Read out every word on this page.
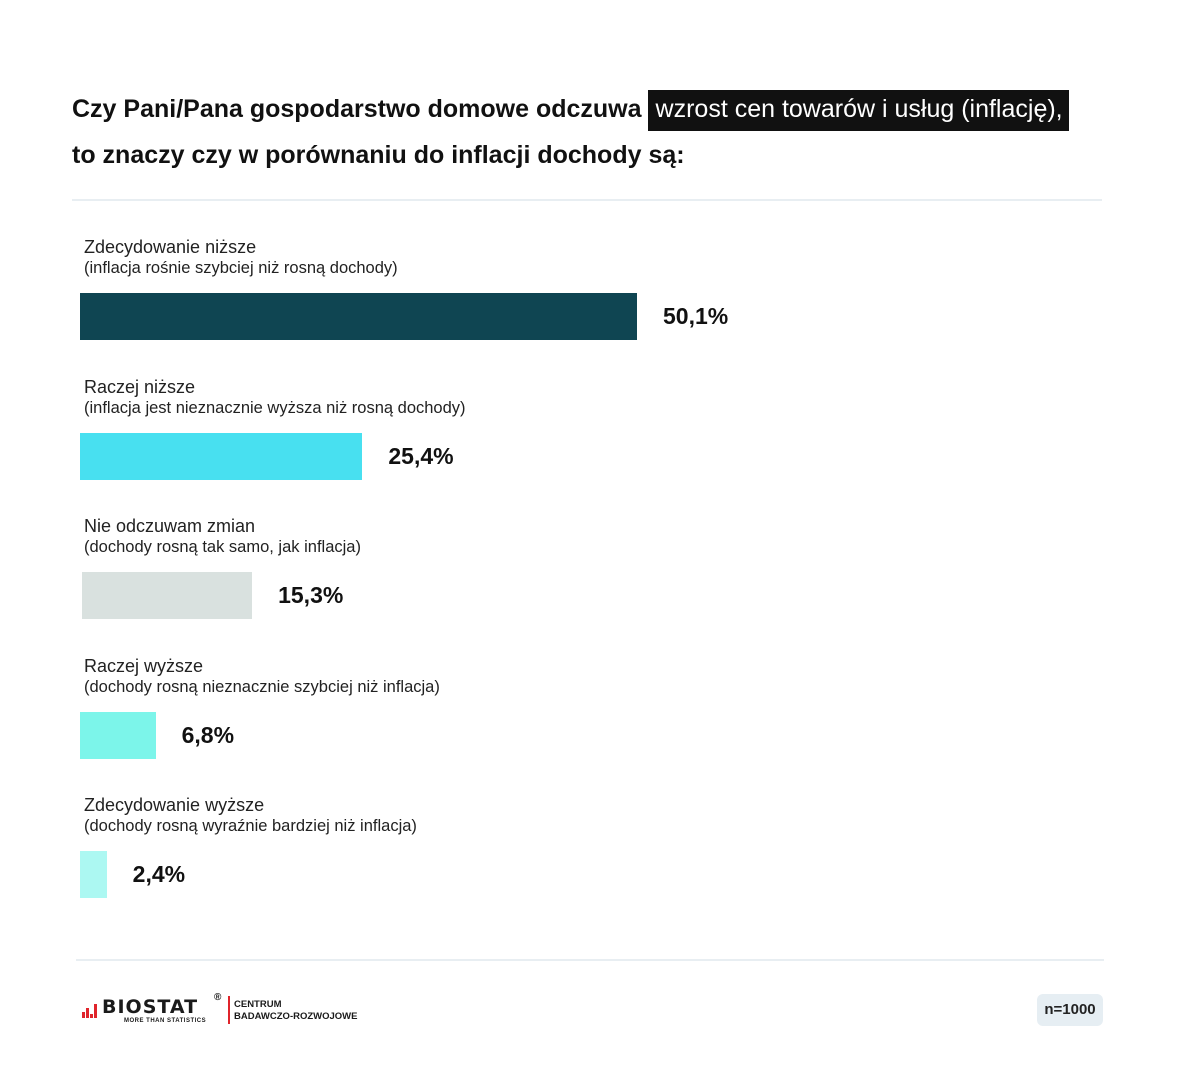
Czy Pani/Pana gospodarstwo domowe odczuwa wzrost cen towarów i usług (inflację),
to znaczy czy w porównaniu do inflacji dochody są:
Zdecydowanie niższe
(inflacja rośnie szybciej niż rosną dochody)
50,1%
Raczej niższe
(inflacja jest nieznacznie wyższa niż rosną dochody)
25,4%
Nie odczuwam zmian
(dochody rosną tak samo, jak inflacja)
15,3%
Raczej wyższe
(dochody rosną nieznacznie szybciej niż inflacja)
6,8%
Zdecydowanie wyższe
(dochody rosną wyraźnie bardziej niż inflacja)
2,4%
BIOSTAT ®
MORE THAN STATISTICS
CENTRUM
BADAWCZO-ROZWOJOWE	n=1000
